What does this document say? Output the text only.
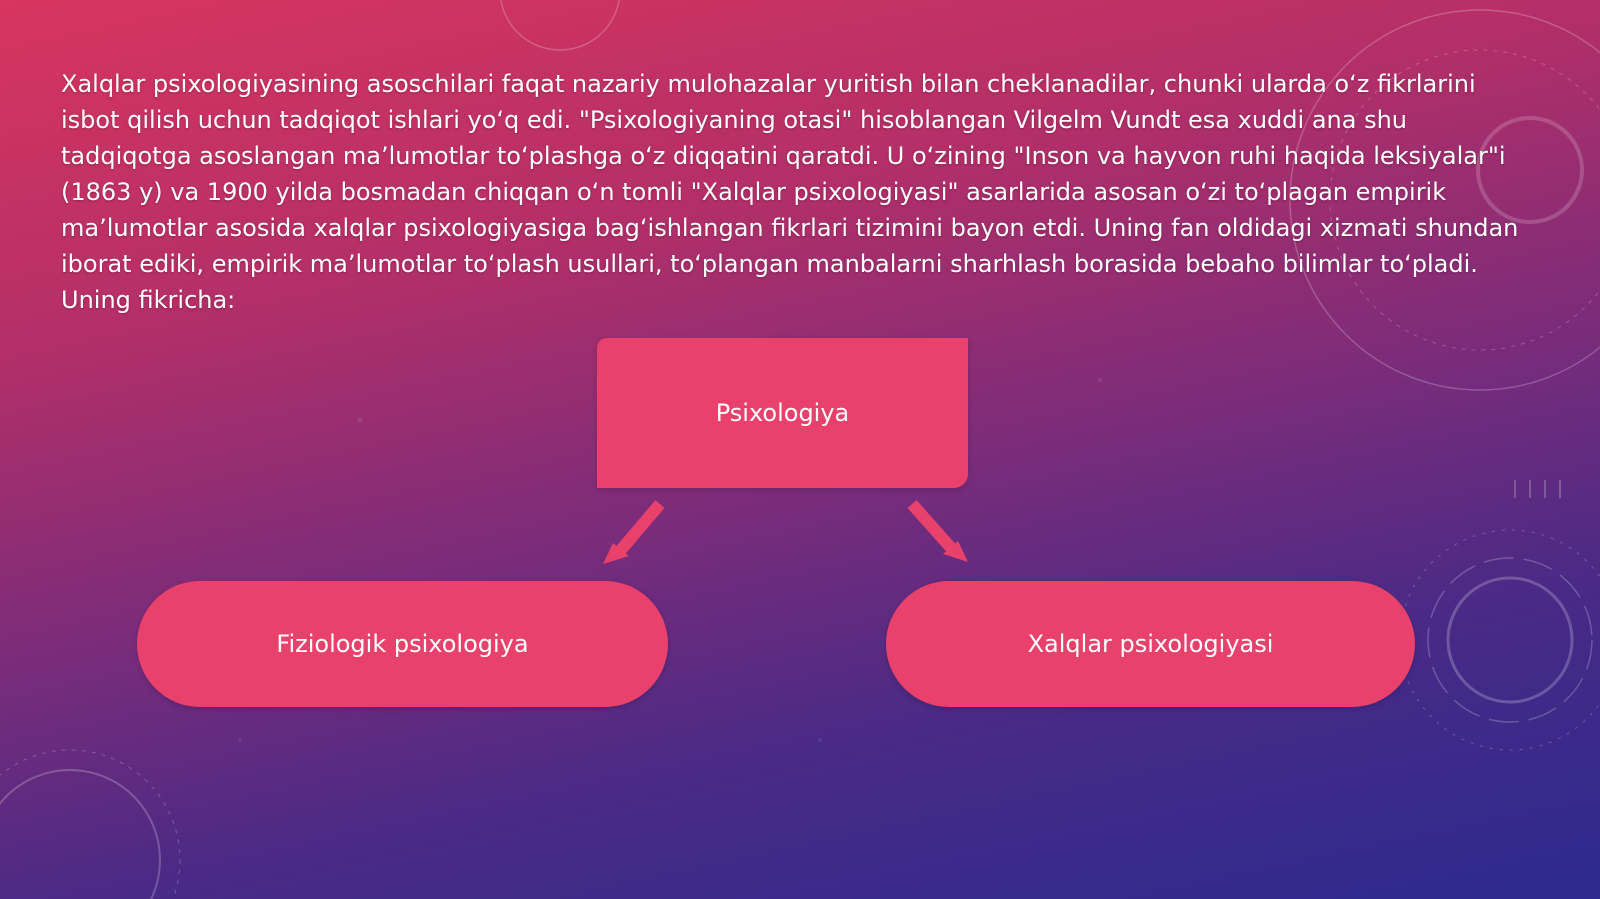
Xalqlar psixologiyasining asoschilari faqat nazariy mulohazalar yuritish bilan cheklanadilar, chunki ularda o‘z fikrlarini isbot qilish uchun tadqiqot ishlari yo‘q edi. "Psixologiyaning otasi" hisoblangan Vilgelm Vundt esa xuddi ana shu tadqiqotga asoslangan ma’lumotlar to‘plashga o‘z diqqatini qaratdi. U o‘zining "Inson va hayvon ruhi haqida leksiyalar"i (1863 y) va 1900 yilda bosmadan chiqqan o‘n tomli "Xalqlar psixologiyasi" asarlarida asosan o‘zi to‘plagan empirik ma’lumotlar asosida xalqlar psixologiyasiga bag‘ishlangan fikrlari tizimini bayon etdi. Uning fan oldidagi xizmati shundan iborat ediki, empirik ma’lumotlar to‘plash usullari, to‘plangan manbalarni sharhlash borasida bebaho bilimlar to‘pladi. Uning fikricha:

Psixologiya
Fiziologik psixologiya	Xalqlar psixologiyasi
